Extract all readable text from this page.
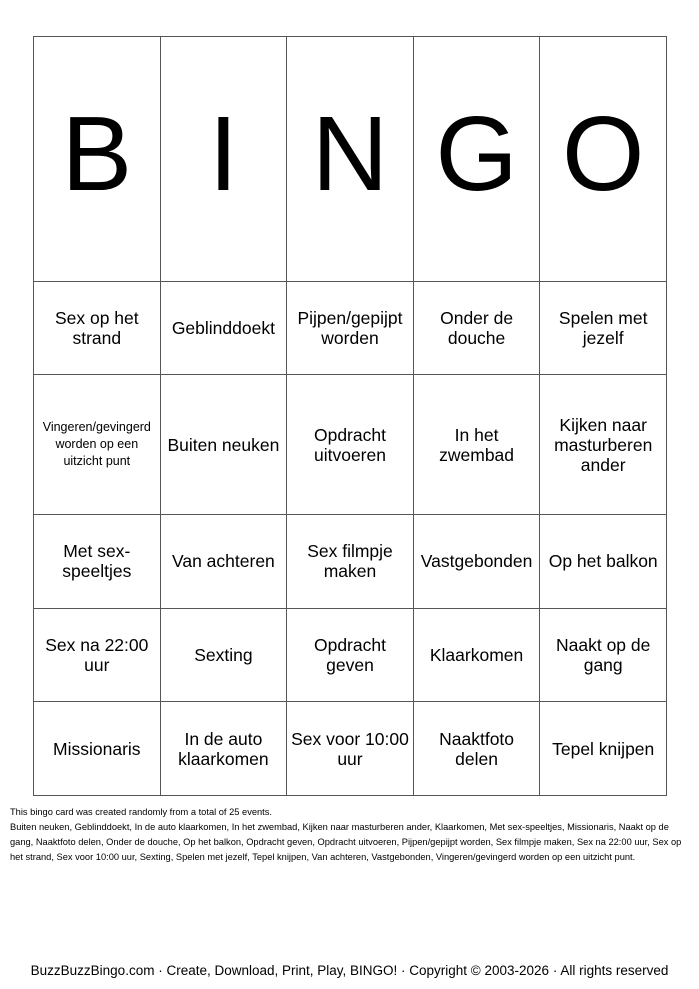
B	I	N	G	O
Sex op het strand	Geblinddoekt	Pijpen/gepijpt worden	Onder de douche	Spelen met jezelf
Vingeren/gevingerd worden op een uitzicht punt	Buiten neuken	Opdracht uitvoeren	In het zwembad	Kijken naar masturberen ander
Met sex-speeltjes	Van achteren	Sex filmpje maken	Vastgebonden	Op het balkon
Sex na 22:00 uur	Sexting	Opdracht geven	Klaarkomen	Naakt op de gang
Missionaris	In de auto klaarkomen	Sex voor 10:00 uur	Naaktfoto delen	Tepel knijpen

This bingo card was created randomly from a total of 25 events.

Buiten neuken, Geblinddoekt, In de auto klaarkomen, In het zwembad, Kijken naar masturberen ander, Klaarkomen, Met sex-speeltjes, Missionaris, Naakt op de gang, Naaktfoto delen, Onder de douche, Op het balkon, Opdracht geven, Opdracht uitvoeren, Pijpen/gepijpt worden, Sex filmpje maken, Sex na 22:00 uur, Sex op het strand, Sex voor 10:00 uur, Sexting, Spelen met jezelf, Tepel knijpen, Van achteren, Vastgebonden, Vingeren/gevingerd worden op een uitzicht punt.

BuzzBuzzBingo.com · Create, Download, Print, Play, BINGO! · Copyright © 2003-2026 · All rights reserved
